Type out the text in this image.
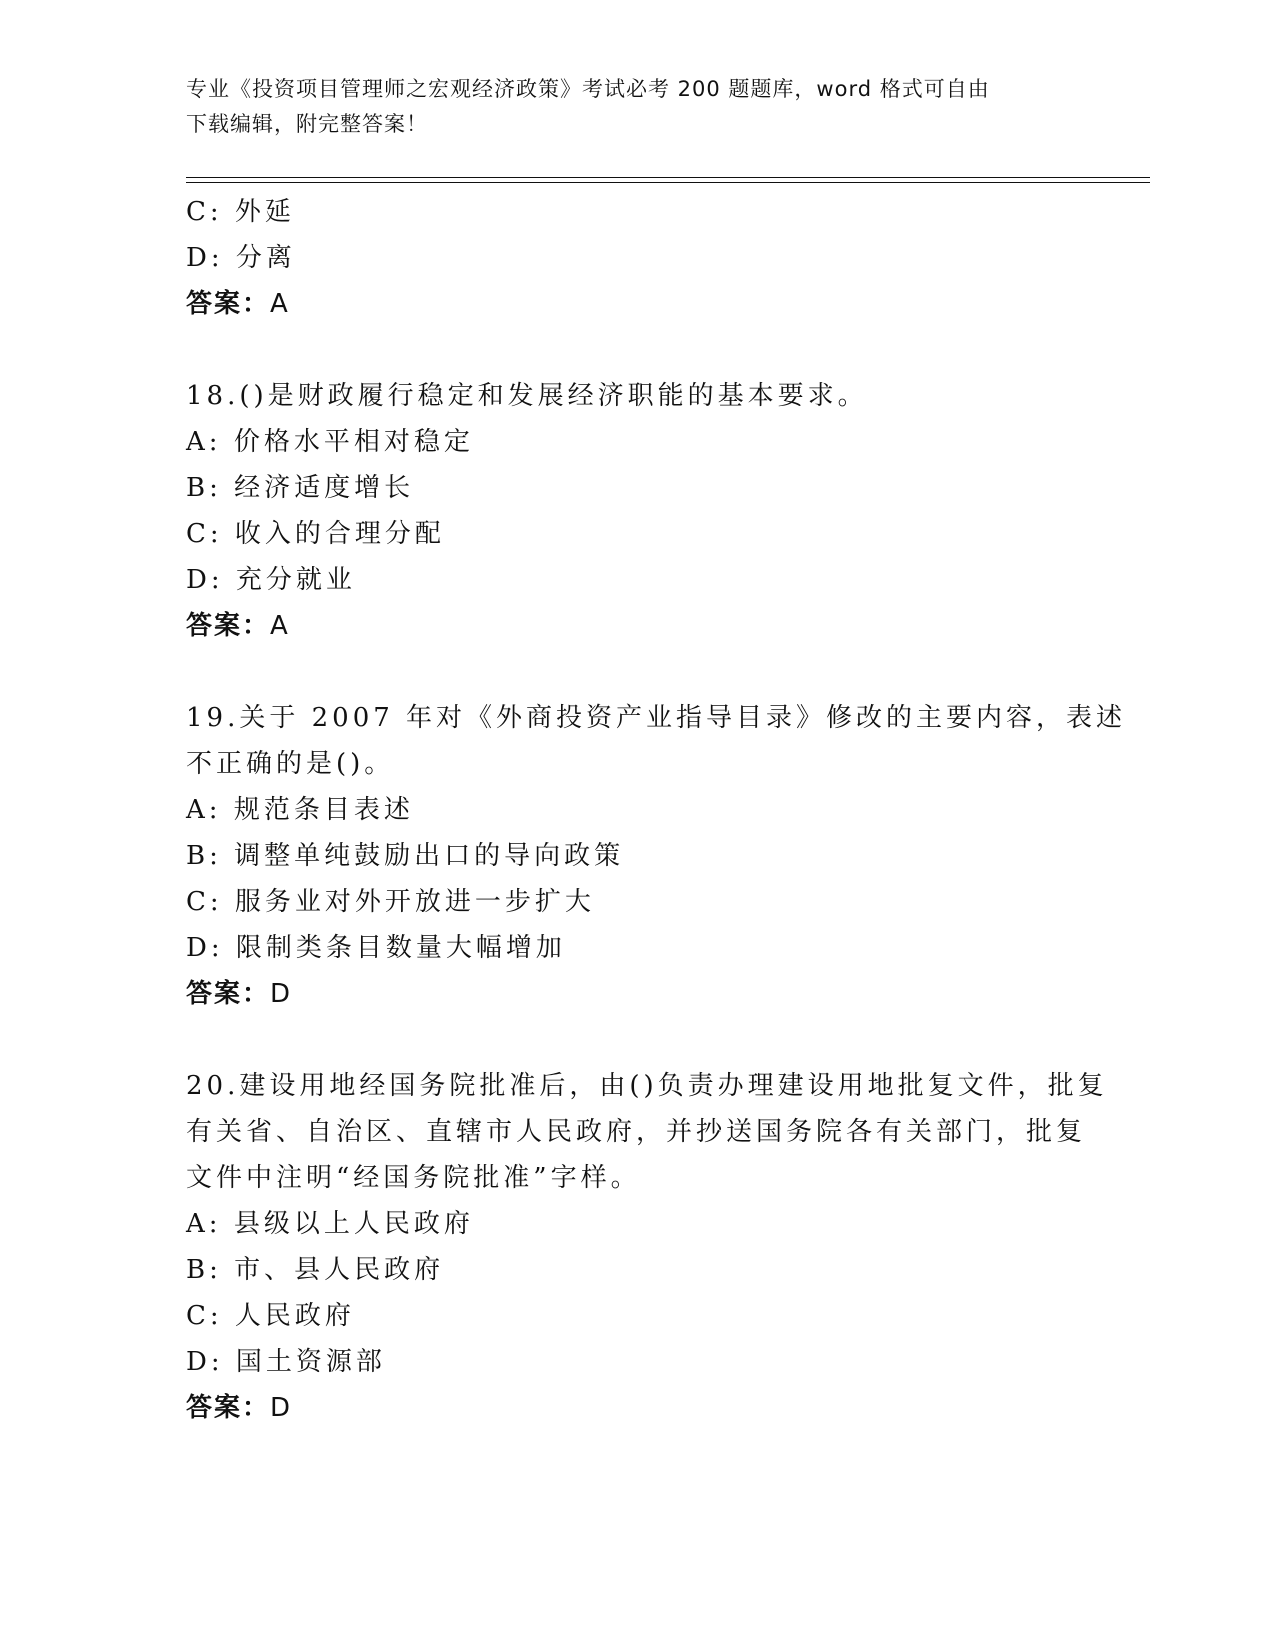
专业《投资项目管理师之宏观经济政策》考试必考 200 题题库，word 格式可自由
下载编辑，附完整答案！
C: 外延
D: 分离
答案：A
18.()是财政履行稳定和发展经济职能的基本要求。
A: 价格水平相对稳定
B: 经济适度增长
C: 收入的合理分配
D: 充分就业
答案：A
19.关于 2007 年对《外商投资产业指导目录》修改的主要内容，表述
不正确的是()。
A: 规范条目表述
B: 调整单纯鼓励出口的导向政策
C: 服务业对外开放进一步扩大
D: 限制类条目数量大幅增加
答案：D
20.建设用地经国务院批准后，由()负责办理建设用地批复文件，批复
有关省、自治区、直辖市人民政府，并抄送国务院各有关部门，批复
文件中注明“经国务院批准”字样。
A: 县级以上人民政府
B: 市、县人民政府
C: 人民政府
D: 国土资源部
答案：D
